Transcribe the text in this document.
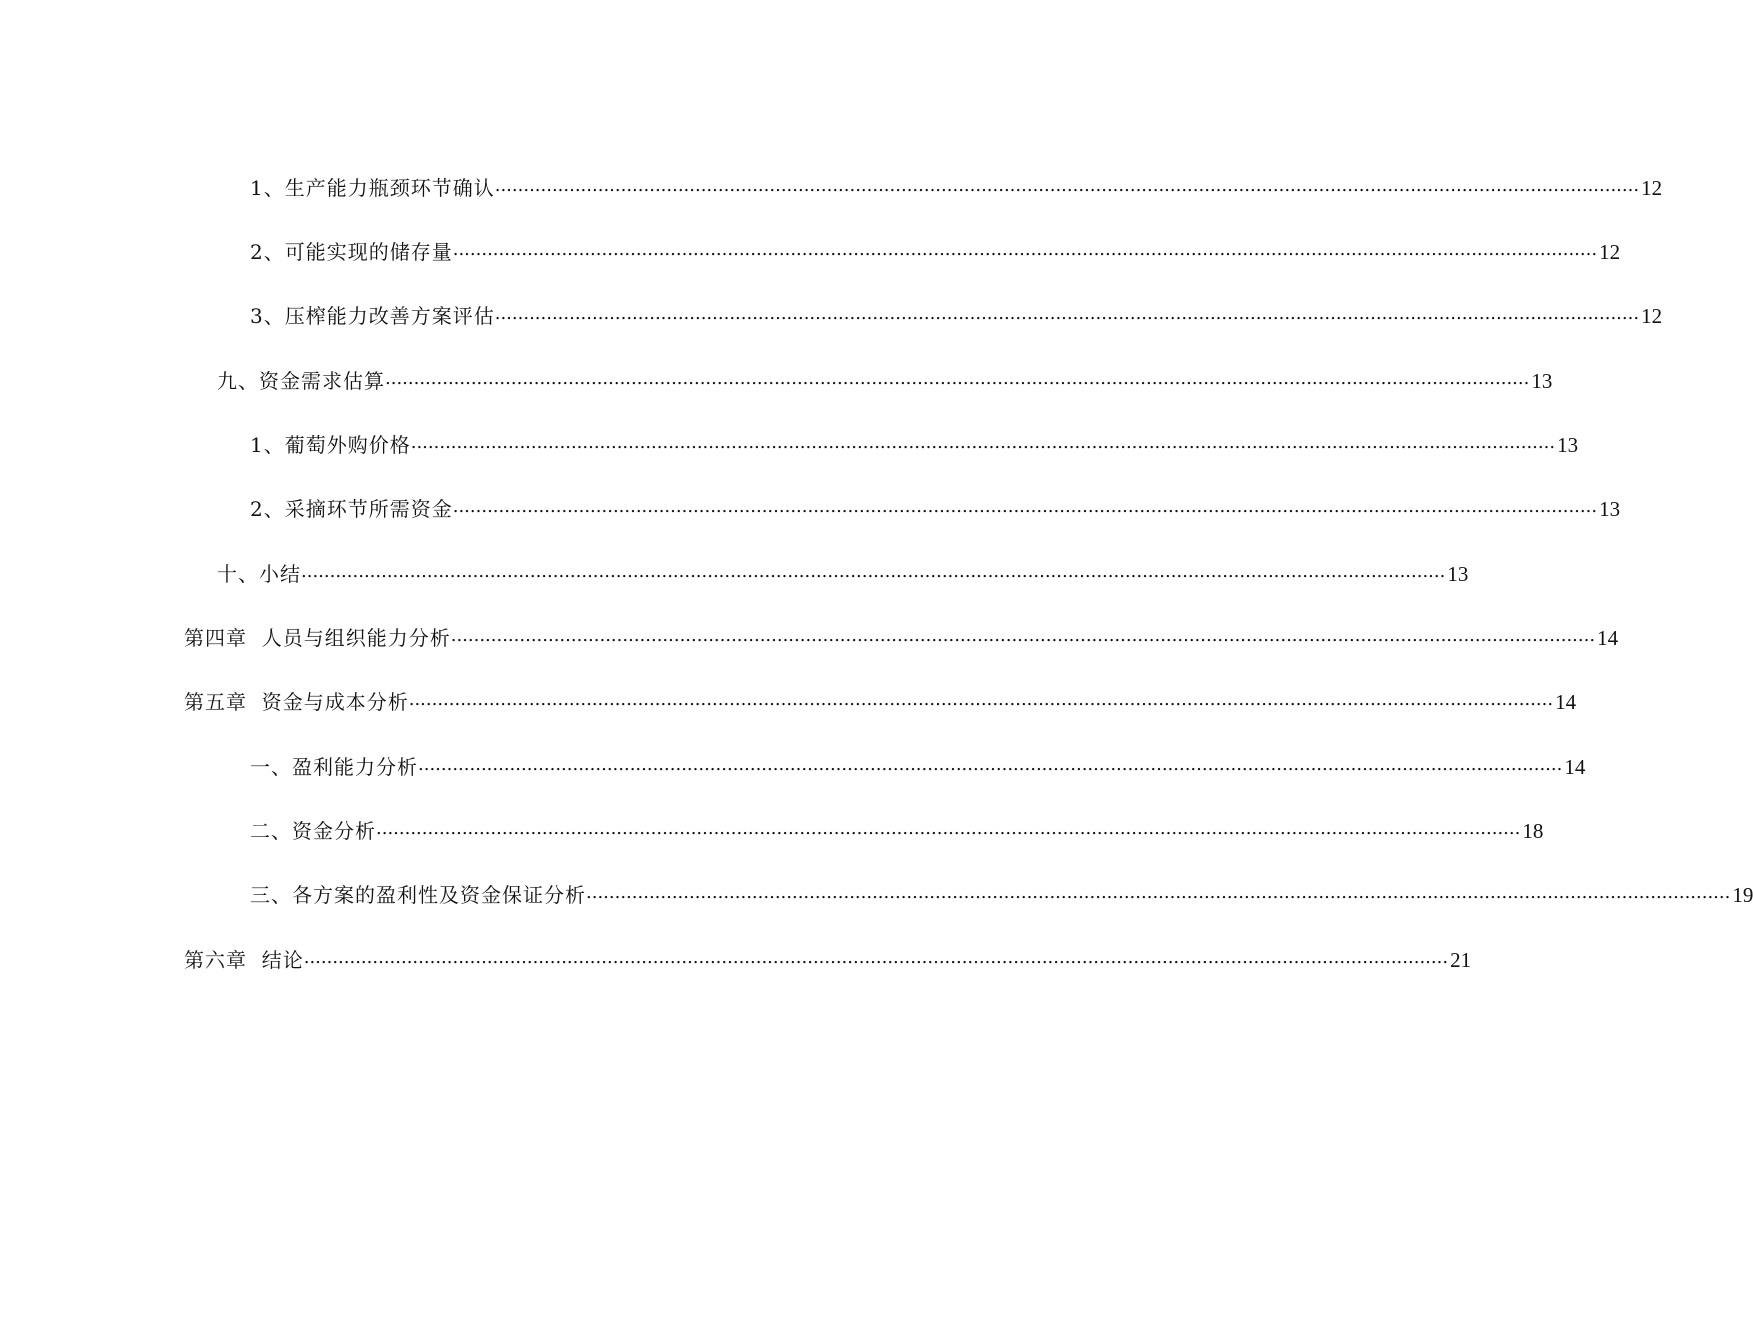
1、生产能力瓶颈环节确认 ........................................................................................................................................................................................................ 12
2、可能实现的储存量 ........................................................................................................................................................................................................ 12
3、压榨能力改善方案评估 ........................................................................................................................................................................................................ 12
九、资金需求估算 ........................................................................................................................................................................................................ 13
1、葡萄外购价格 ........................................................................................................................................................................................................ 13
2、采摘环节所需资金 ........................................................................................................................................................................................................ 13
十、小结 ........................................................................................................................................................................................................ 13
第四章  人员与组织能力分析 ........................................................................................................................................................................................................ 14
第五章  资金与成本分析 ........................................................................................................................................................................................................ 14
一、盈利能力分析 ........................................................................................................................................................................................................ 14
二、资金分析 ........................................................................................................................................................................................................ 18
三、各方案的盈利性及资金保证分析 ........................................................................................................................................................................................................ 19
第六章  结论 ........................................................................................................................................................................................................ 21
